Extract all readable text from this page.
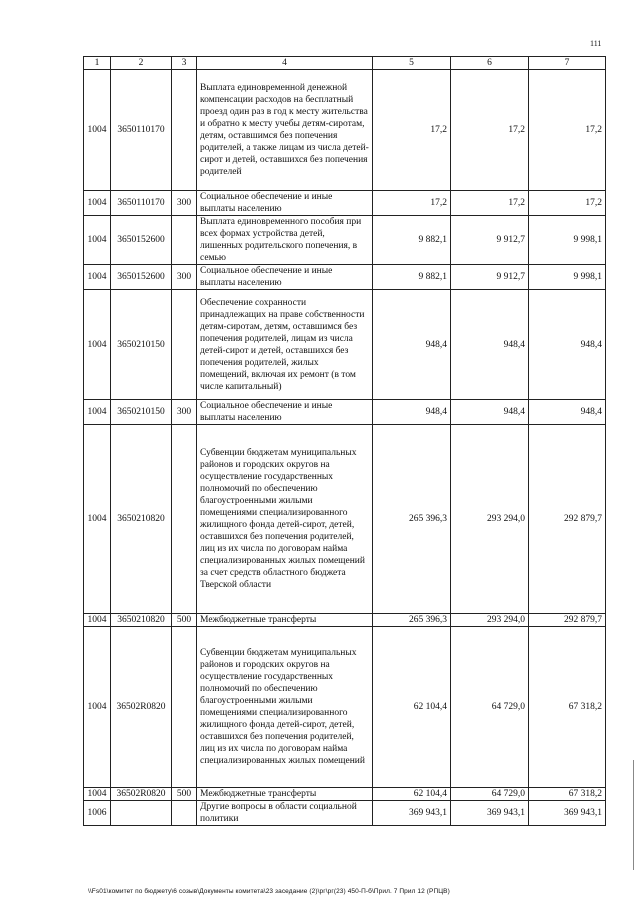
111
1	2	3	4	5	6	7
1004	3650110170		Выплата единовременной денежной компенсации расходов на бесплатный проезд один раз в год к месту жительства и обратно к месту учебы детям-сиротам, детям, оставшимся без попечения родителей, а также лицам из числа детей-сирот и детей, оставшихся без попечения родителей	17,2	17,2	17,2
1004	3650110170	300	Социальное обеспечение и иные выплаты населению	17,2	17,2	17,2
1004	3650152600		Выплата единовременного пособия при всех формах устройства детей, лишенных родительского попечения, в семью	9 882,1	9 912,7	9 998,1
1004	3650152600	300	Социальное обеспечение и иные выплаты населению	9 882,1	9 912,7	9 998,1
1004	3650210150		Обеспечение сохранности принадлежащих на праве собственности детям-сиротам, детям, оставшимся без попечения родителей, лицам из числа детей-сирот и детей, оставшихся без попечения родителей, жилых помещений, включая их ремонт (в том числе капитальный)	948,4	948,4	948,4
1004	3650210150	300	Социальное обеспечение и иные выплаты населению	948,4	948,4	948,4
1004	3650210820		Субвенции бюджетам муниципальных районов и городских округов на осуществление государственных полномочий по обеспечению благоустроенными жилыми помещениями специализированного жилищного фонда детей-сирот, детей, оставшихся без попечения родителей, лиц из их числа по договорам найма специализированных жилых помещений за счет средств областного бюджета Тверской области	265 396,3	293 294,0	292 879,7
1004	3650210820	500	Межбюджетные трансферты	265 396,3	293 294,0	292 879,7
1004	36502R0820		Субвенции бюджетам муниципальных районов и городских округов на осуществление государственных полномочий по обеспечению благоустроенными жилыми помещениями специализированного жилищного фонда детей-сирот, детей, оставшихся без попечения родителей, лиц из их числа по договорам найма специализированных жилых помещений	62 104,4	64 729,0	67 318,2
1004	36502R0820	500	Межбюджетные трансферты	62 104,4	64 729,0	67 318,2
1006			Другие вопросы в области социальной политики	369 943,1	369 943,1	369 943,1
\\Fs01\комитет по бюджету\6 созыв\Документы комитета\23 заседание (2)\рг\рг(23) 450-П-б\Прил. 7 Прил 12 (РПЦВ)
